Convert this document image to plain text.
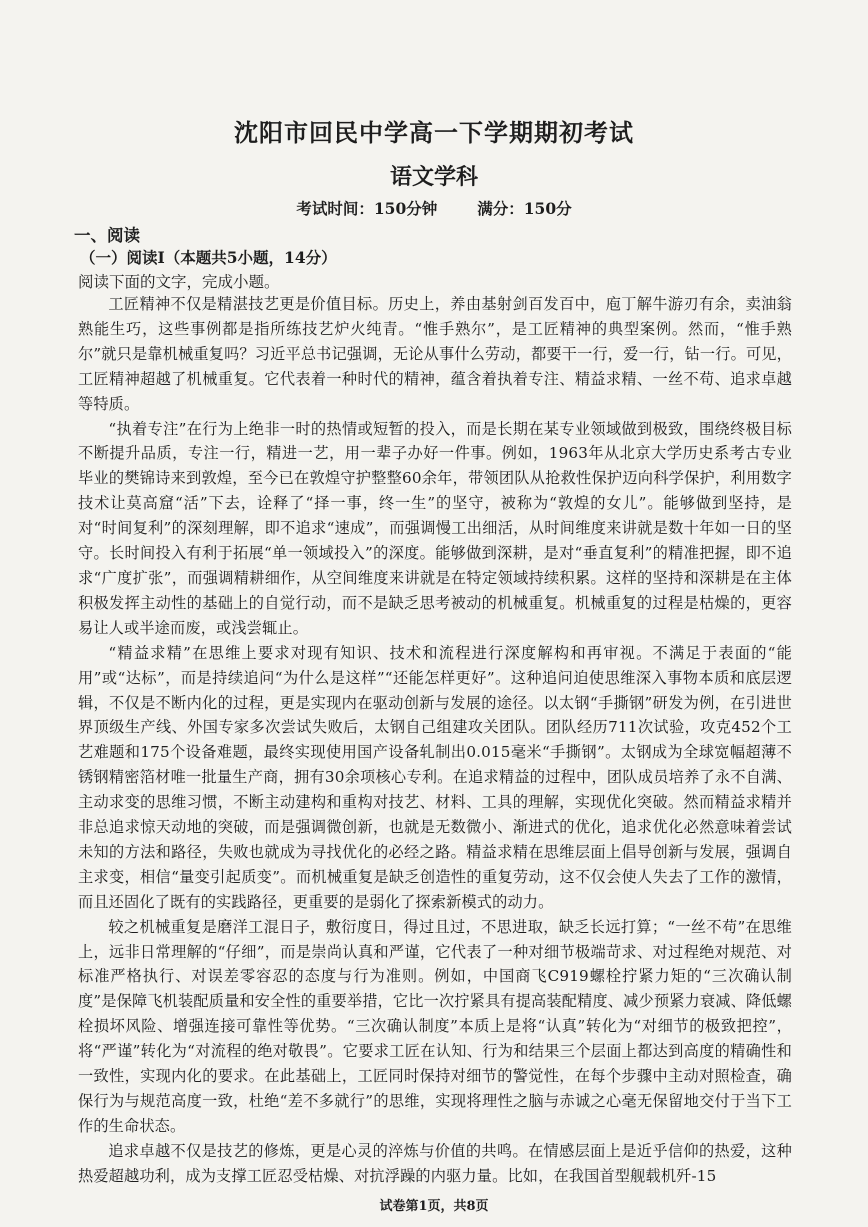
沈阳市回民中学高一下学期期初考试
语文学科
考试时间：150分钟	满分：150分
一、阅读
（一）阅读Ⅰ（本题共5小题，14分）
阅读下面的文字，完成小题。

工匠精神不仅是精湛技艺更是价值目标。历史上，养由基射剑百发百中，庖丁解牛游刃有余，卖油翁熟能生巧，这些事例都是指所练技艺炉火纯青。“惟手熟尔”，是工匠精神的典型案例。然而，“惟手熟尔”就只是靠机械重复吗？习近平总书记强调，无论从事什么劳动，都要干一行，爱一行，钻一行。可见，工匠精神超越了机械重复。它代表着一种时代的精神，蕴含着执着专注、精益求精、一丝不苟、追求卓越等特质。

“执着专注”在行为上绝非一时的热情或短暂的投入，而是长期在某专业领域做到极致，围绕终极目标不断提升品质，专注一行，精进一艺，用一辈子办好一件事。例如，1963年从北京大学历史系考古专业毕业的樊锦诗来到敦煌，至今已在敦煌守护整整60余年，带领团队从抢救性保护迈向科学保护，利用数字技术让莫高窟“活”下去，诠释了“择一事，终一生”的坚守，被称为“敦煌的女儿”。能够做到坚持，是对“时间复利”的深刻理解，即不追求“速成”，而强调慢工出细活，从时间维度来讲就是数十年如一日的坚守。长时间投入有利于拓展“单一领域投入”的深度。能够做到深耕，是对“垂直复利”的精准把握，即不追求“广度扩张”，而强调精耕细作，从空间维度来讲就是在特定领域持续积累。这样的坚持和深耕是在主体积极发挥主动性的基础上的自觉行动，而不是缺乏思考被动的机械重复。机械重复的过程是枯燥的，更容易让人或半途而废，或浅尝辄止。

“精益求精”在思维上要求对现有知识、技术和流程进行深度解构和再审视。不满足于表面的“能用”或“达标”，而是持续追问“为什么是这样”“还能怎样更好”。这种追问迫使思维深入事物本质和底层逻辑，不仅是不断内化的过程，更是实现内在驱动创新与发展的途径。以太钢“手撕钢”研发为例，在引进世界顶级生产线、外国专家多次尝试失败后，太钢自己组建攻关团队。团队经历711次试验，攻克452个工艺难题和175个设备难题，最终实现使用国产设备轧制出0.015毫米“手撕钢”。太钢成为全球宽幅超薄不锈钢精密箔材唯一批量生产商，拥有30余项核心专利。在追求精益的过程中，团队成员培养了永不自满、主动求变的思维习惯，不断主动建构和重构对技艺、材料、工具的理解，实现优化突破。然而精益求精并非总追求惊天动地的突破，而是强调微创新，也就是无数微小、渐进式的优化，追求优化必然意味着尝试未知的方法和路径，失败也就成为寻找优化的必经之路。精益求精在思维层面上倡导创新与发展，强调自主求变，相信“量变引起质变”。而机械重复是缺乏创造性的重复劳动，这不仅会使人失去了工作的激情，而且还固化了既有的实践路径，更重要的是弱化了探索新模式的动力。

较之机械重复是磨洋工混日子，敷衍度日，得过且过，不思进取，缺乏长远打算；“一丝不苟”在思维上，远非日常理解的“仔细”，而是崇尚认真和严谨，它代表了一种对细节极端苛求、对过程绝对规范、对标准严格执行、对误差零容忍的态度与行为准则。例如，中国商飞C919螺栓拧紧力矩的“三次确认制度”是保障飞机装配质量和安全性的重要举措，它比一次拧紧具有提高装配精度、减少预紧力衰减、降低螺栓损坏风险、增强连接可靠性等优势。“三次确认制度”本质上是将“认真”转化为“对细节的极致把控”，将“严谨”转化为“对流程的绝对敬畏”。它要求工匠在认知、行为和结果三个层面上都达到高度的精确性和一致性，实现内化的要求。在此基础上，工匠同时保持对细节的警觉性，在每个步骤中主动对照检查，确保行为与规范高度一致，杜绝“差不多就行”的思维，实现将理性之脑与赤诚之心毫无保留地交付于当下工作的生命状态。

追求卓越不仅是技艺的修炼，更是心灵的淬炼与价值的共鸣。在情感层面上是近乎信仰的热爱，这种热爱超越功利，成为支撑工匠忍受枯燥、对抗浮躁的内驱力量。比如，在我国首型舰载机歼-15

试卷第1页，共8页
